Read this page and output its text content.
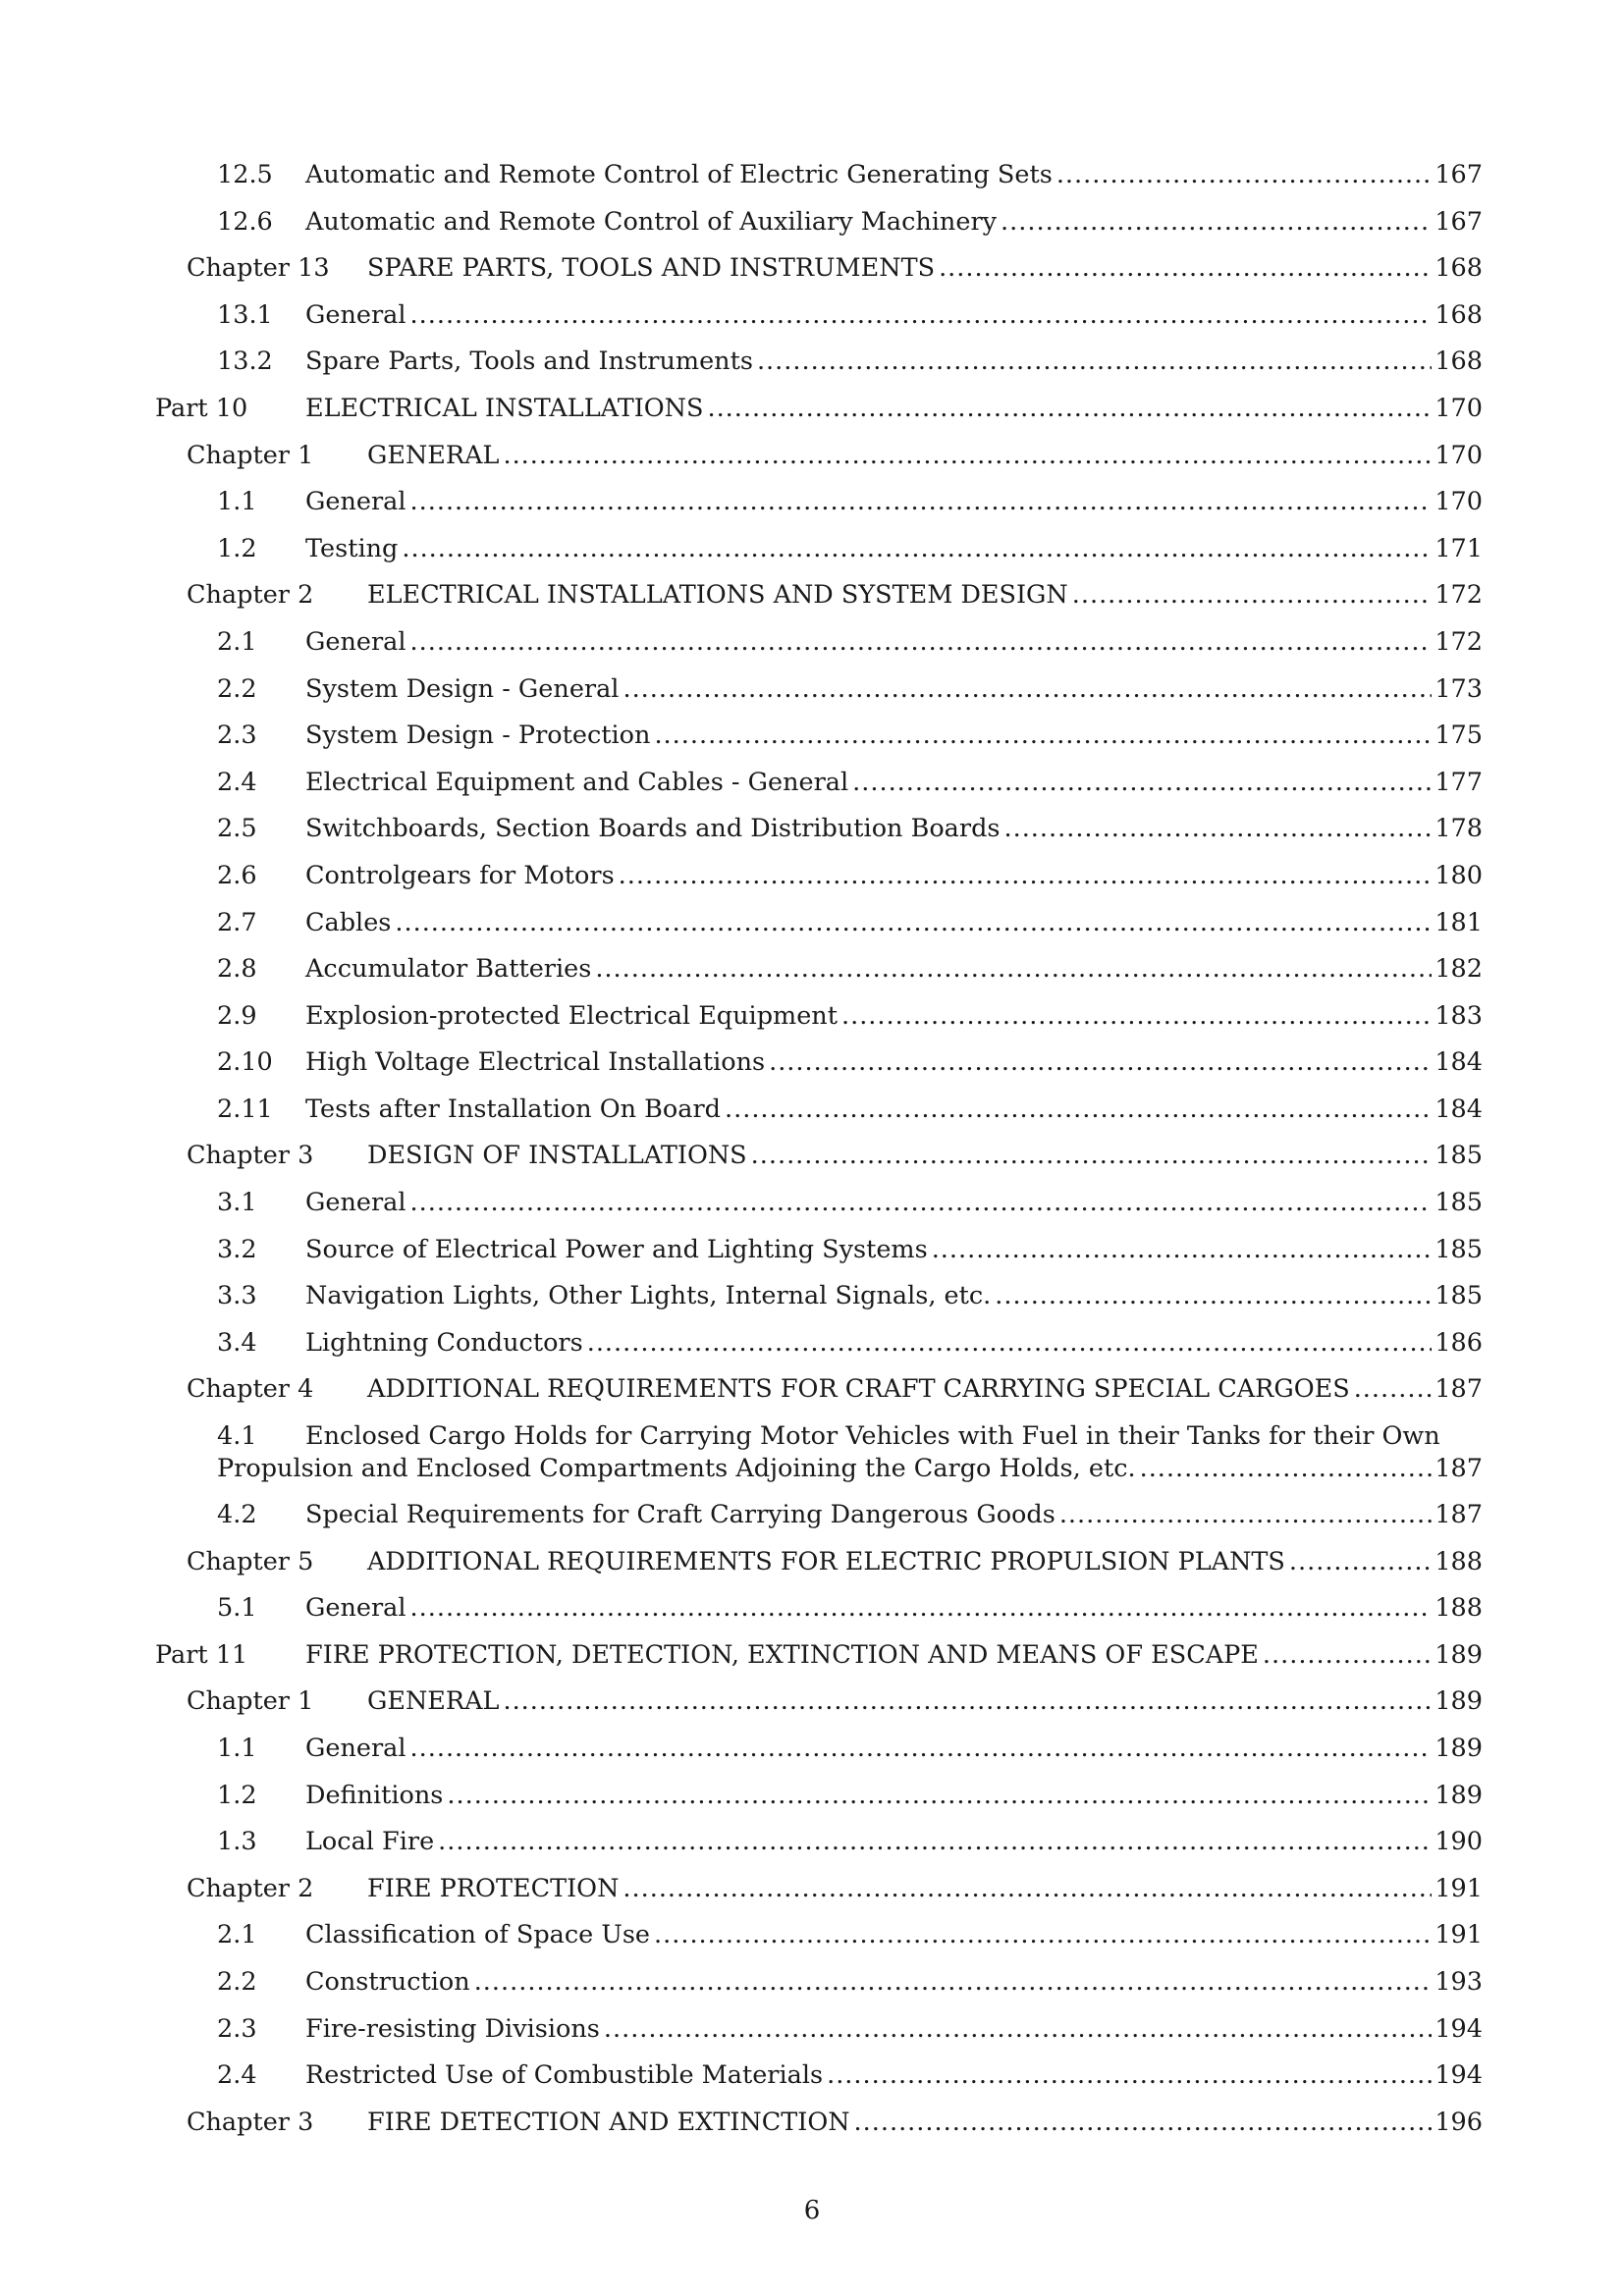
12.5 Automatic and Remote Control of Electric Generating Sets .....	167
12.6 Automatic and Remote Control of Auxiliary Machinery .....	167
Chapter 13 SPARE PARTS, TOOLS AND INSTRUMENTS .....	168
13.1 General .....	168
13.2 Spare Parts, Tools and Instruments .....	168
Part 10 ELECTRICAL INSTALLATIONS .....	170
Chapter 1 GENERAL .....	170
1.1 General .....	170
1.2 Testing .....	171
Chapter 2 ELECTRICAL INSTALLATIONS AND SYSTEM DESIGN .....	172
2.1 General .....	172
2.2 System Design - General .....	173
2.3 System Design - Protection .....	175
2.4 Electrical Equipment and Cables - General .....	177
2.5 Switchboards, Section Boards and Distribution Boards .....	178
2.6 Controlgears for Motors .....	180
2.7 Cables .....	181
2.8 Accumulator Batteries .....	182
2.9 Explosion-protected Electrical Equipment .....	183
2.10 High Voltage Electrical Installations .....	184
2.11 Tests after Installation On Board .....	184
Chapter 3 DESIGN OF INSTALLATIONS .....	185
3.1 General .....	185
3.2 Source of Electrical Power and Lighting Systems .....	185
3.3 Navigation Lights, Other Lights, Internal Signals, etc. .....	185
3.4 Lightning Conductors .....	186
Chapter 4 ADDITIONAL REQUIREMENTS FOR CRAFT CARRYING SPECIAL CARGOES .....	187
4.1 Enclosed Cargo Holds for Carrying Motor Vehicles with Fuel in their Tanks for their Own
Propulsion and Enclosed Compartments Adjoining the Cargo Holds, etc. .....	187
4.2 Special Requirements for Craft Carrying Dangerous Goods .....	187
Chapter 5 ADDITIONAL REQUIREMENTS FOR ELECTRIC PROPULSION PLANTS .....	188
5.1 General .....	188
Part 11 FIRE PROTECTION, DETECTION, EXTINCTION AND MEANS OF ESCAPE .....	189
Chapter 1 GENERAL .....	189
1.1 General .....	189
1.2 Definitions .....	189
1.3 Local Fire .....	190
Chapter 2 FIRE PROTECTION .....	191
2.1 Classification of Space Use .....	191
2.2 Construction .....	193
2.3 Fire-resisting Divisions .....	194
2.4 Restricted Use of Combustible Materials .....	194
Chapter 3 FIRE DETECTION AND EXTINCTION .....	196
6
